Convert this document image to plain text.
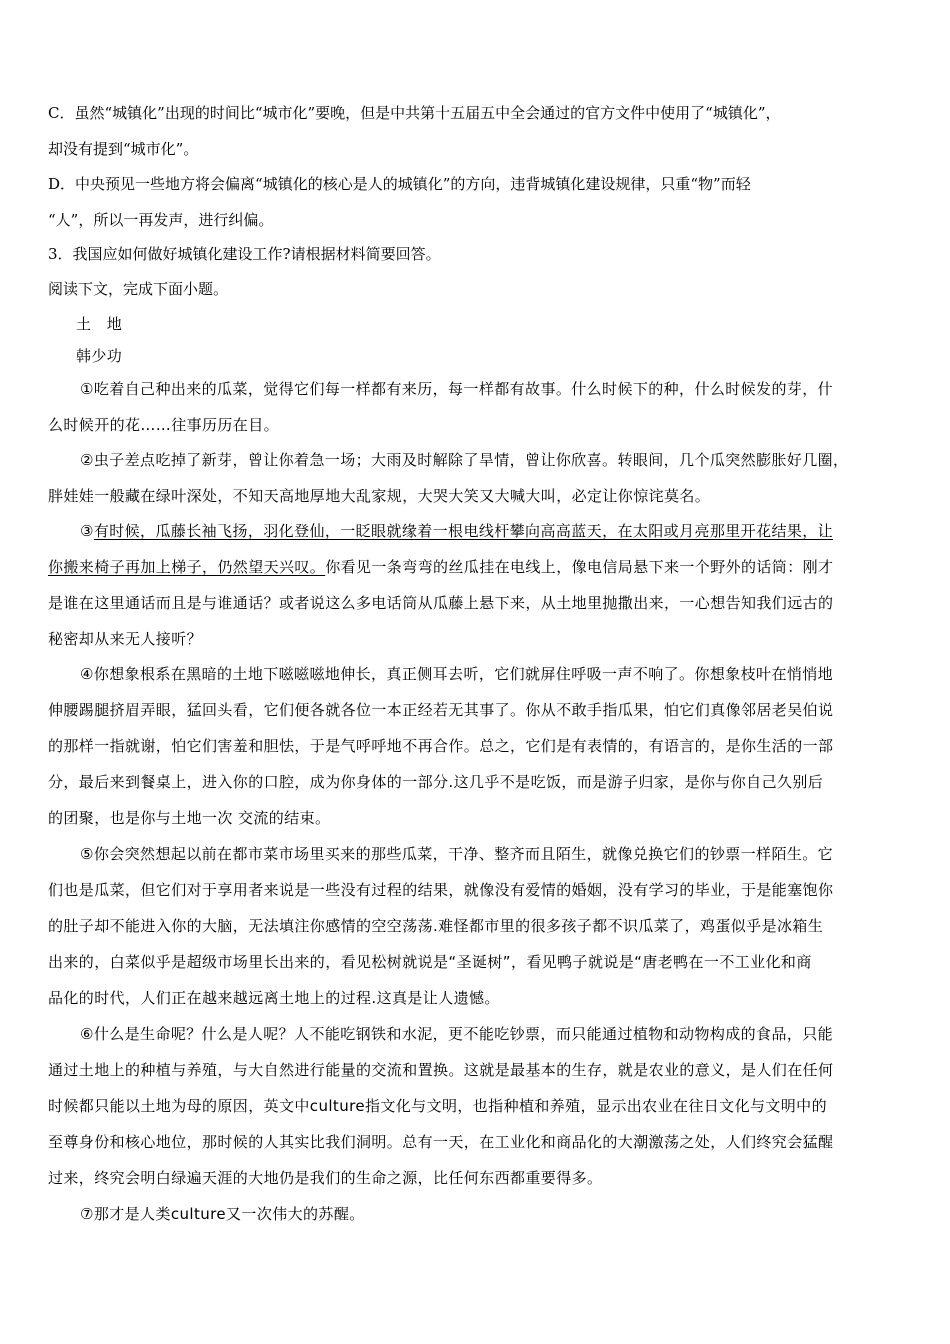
C．虽然“城镇化”出现的时间比“城市化”要晚，但是中共第十五届五中全会通过的官方文件中使用了“城镇化”，
却没有提到“城市化”。
D．中央预见一些地方将会偏离“城镇化的核心是人的城镇化”的方向，违背城镇化建设规律，只重“物”而轻
“人”，所以一再发声，进行纠偏。
3．我国应如何做好城镇化建设工作?请根据材料简要回答。
阅读下文，完成下面小题。
土　地
韩少功
①吃着自己种出来的瓜菜，觉得它们每一样都有来历，每一样都有故事。什么时候下的种，什么时候发的芽，什
么时候开的花……往事历历在目。
②虫子差点吃掉了新芽，曾让你着急一场；大雨及时解除了旱情，曾让你欣喜。转眼间，几个瓜突然膨胀好几圈，
胖娃娃一般藏在绿叶深处，不知天高地厚地大乱家规，大哭大笑又大喊大叫，必定让你惊诧莫名。
③有时候，瓜藤长袖飞扬，羽化登仙，一眨眼就缘着一根电线杆攀向高高蓝天，在太阳或月亮那里开花结果，让
你搬来椅子再加上梯子，仍然望天兴叹。你看见一条弯弯的丝瓜挂在电线上，像电信局悬下来一个野外的话筒：刚才
是谁在这里通话而且是与谁通话？或者说这么多电话筒从瓜藤上悬下来，从土地里抛撒出来，一心想告知我们远古的
秘密却从来无人接听？
④你想象根系在黑暗的土地下嗞嗞嗞地伸长，真正侧耳去听，它们就屏住呼吸一声不响了。你想象枝叶在悄悄地
伸腰踢腿挤眉弄眼，猛回头看，它们便各就各位一本正经若无其事了。你从不敢手指瓜果，怕它们真像邻居老吴伯说
的那样一指就谢，怕它们害羞和胆怯，于是气呼呼地不再合作。总之，它们是有表情的，有语言的，是你生活的一部
分，最后来到餐桌上，进入你的口腔，成为你身体的一部分.这几乎不是吃饭，而是游子归家，是你与你自己久别后
的团聚，也是你与土地一次 交流的结束。
⑤你会突然想起以前在都市菜市场里买来的那些瓜菜，干净、整齐而且陌生，就像兑换它们的钞票一样陌生。它
们也是瓜菜，但它们对于享用者来说是一些没有过程的结果，就像没有爱情的婚姻，没有学习的毕业，于是能塞饱你
的肚子却不能进入你的大脑，无法填注你感情的空空荡荡.难怪都市里的很多孩子都不识瓜菜了，鸡蛋似乎是冰箱生
出来的，白菜似乎是超级市场里长出来的，看见松树就说是“圣诞树”，看见鸭子就说是“唐老鸭在一不工业化和商
品化的时代，人们正在越来越远离土地上的过程.这真是让人遗憾。
⑥什么是生命呢？什么是人呢？人不能吃钢铁和水泥，更不能吃钞票，而只能通过植物和动物构成的食品，只能
通过土地上的种植与养殖，与大自然进行能量的交流和置换。这就是最基本的生存，就是农业的意义，是人们在任何
时候都只能以土地为母的原因，英文中culture指文化与文明，也指种植和养殖，显示出农业在往日文化与文明中的
至尊身份和核心地位，那时候的人其实比我们洞明。总有一天，在工业化和商品化的大潮激荡之处，人们终究会猛醒
过来，终究会明白绿遍天涯的大地仍是我们的生命之源，比任何东西都重要得多。
⑦那才是人类culture又一次伟大的苏醒。
